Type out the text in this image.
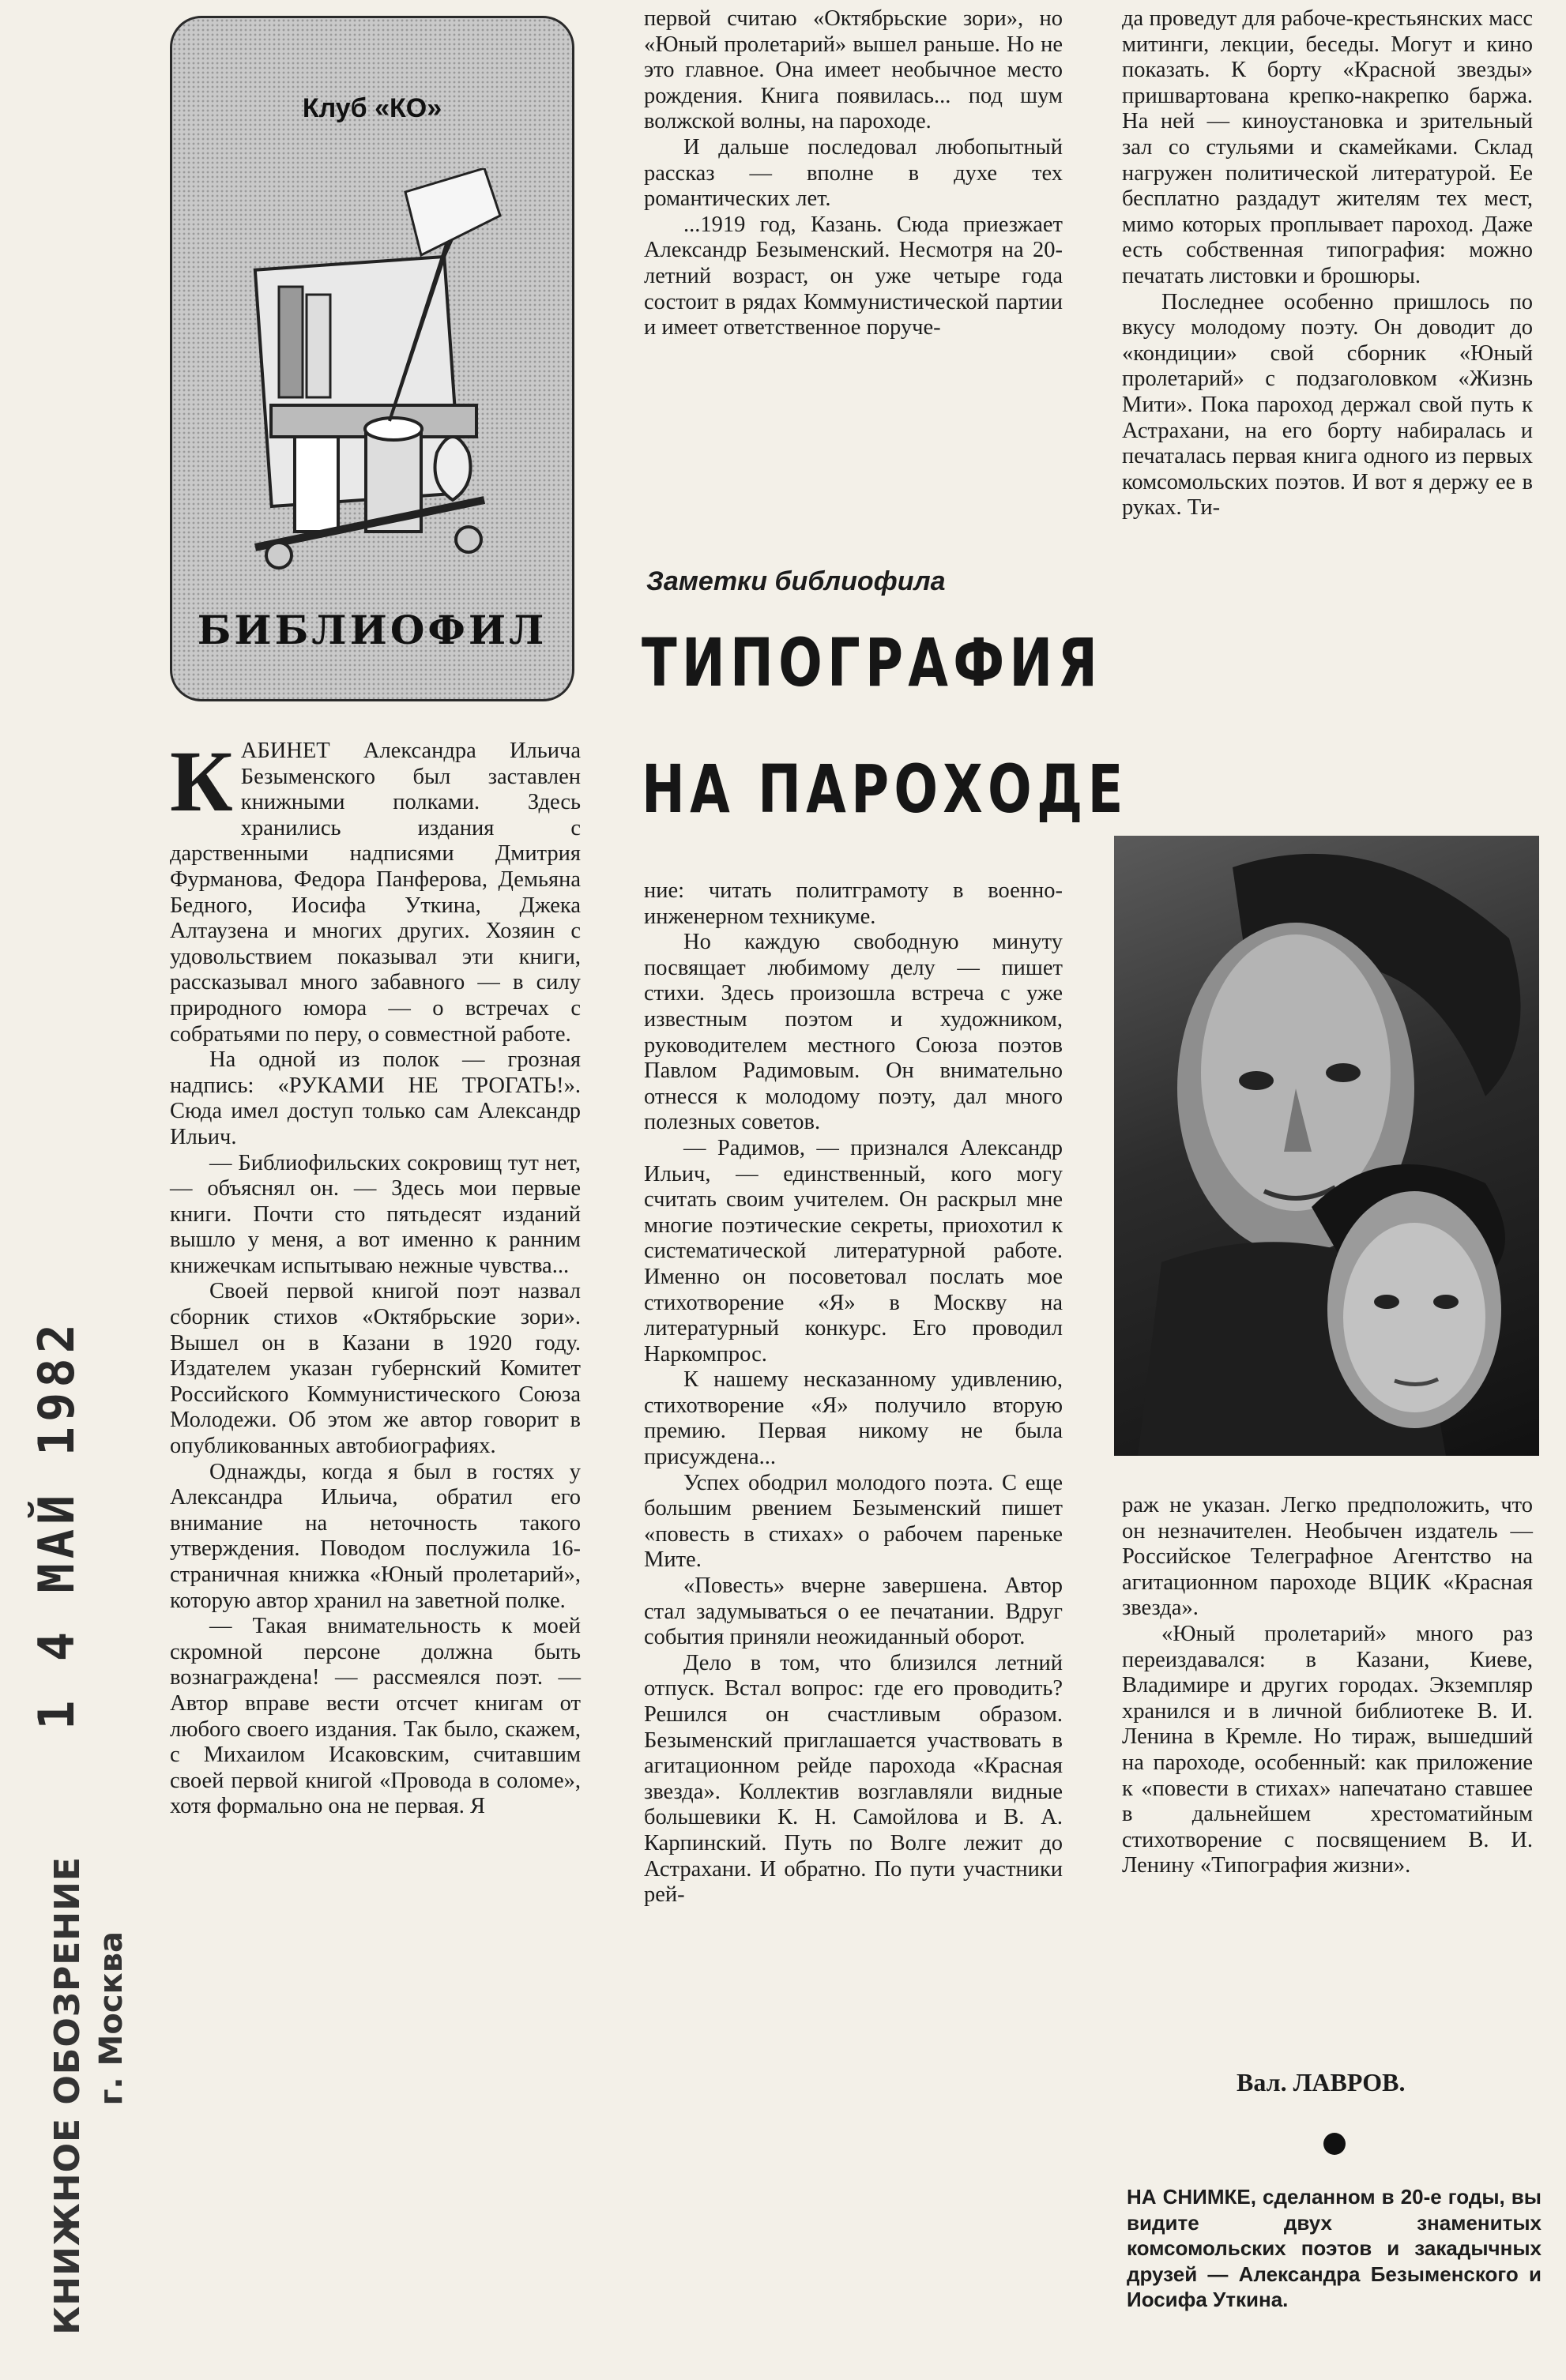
Клуб «КО»
БИБЛИОФИЛ

КАБИНЕТ Александра Ильича Безыменского был заставлен книжными полками. Здесь хранились издания с дарственными надписями Дмитрия Фурманова, Федора Панферова, Демьяна Бедного, Иосифа Уткина, Джека Алтаузена и многих других. Хозяин с удовольствием показывал эти книги, рассказывал много забавного — в силу природного юмора — о встречах с собратьями по перу, о совместной работе.

На одной из полок — грозная надпись: «РУКАМИ НЕ ТРОГАТЬ!». Сюда имел доступ только сам Александр Ильич.

— Библиофильских сокровищ тут нет, — объяснял он. — Здесь мои первые книги. Почти сто пятьдесят изданий вышло у меня, а вот именно к ранним книжечкам испытываю нежные чувства...

Своей первой книгой поэт назвал сборник стихов «Октябрьские зори». Вышел он в Казани в 1920 году. Издателем указан губернский Комитет Российского Коммунистического Союза Молодежи. Об этом же автор говорит в опубликованных автобиографиях.

Однажды, когда я был в гостях у Александра Ильича, обратил его внимание на неточность такого утверждения. Поводом послужила 16-страничная книжка «Юный пролетарий», которую автор хранил на заветной полке.

— Такая внимательность к моей скромной персоне должна быть вознаграждена! — рассмеялся поэт. — Автор вправе вести отсчет книгам от любого своего издания. Так было, скажем, с Михаилом Исаковским, считавшим своей первой книгой «Провода в соломе», хотя формально она не первая. Я

первой считаю «Октябрьские зори», но «Юный пролетарий» вышел раньше. Но не это главное. Она имеет необычное место рождения. Книга появилась... под шум волжской волны, на пароходе.

И дальше последовал любопытный рассказ — вполне в духе тех романтических лет.

...1919 год, Казань. Сюда приезжает Александр Безыменский. Несмотря на 20-летний возраст, он уже четыре года состоит в рядах Коммунистической партии и имеет ответственное поруче-

Заметки библиофила
ТИПОГРАФИЯ
НА ПАРОХОДЕ

ние: читать политграмоту в военно-инженерном техникуме.

Но каждую свободную минуту посвящает любимому делу — пишет стихи. Здесь произошла встреча с уже известным поэтом и художником, руководителем местного Союза поэтов Павлом Радимовым. Он внимательно отнесся к молодому поэту, дал много полезных советов.

— Радимов, — признался Александр Ильич, — единственный, кого могу считать своим учителем. Он раскрыл мне многие поэтические секреты, приохотил к систематической литературной работе. Именно он посоветовал послать мое стихотворение «Я» в Москву на литературный конкурс. Его проводил Наркомпрос.

К нашему несказанному удивлению, стихотворение «Я» получило вторую премию. Первая никому не была присуждена...

Успех ободрил молодого поэта. С еще большим рвением Безыменский пишет «повесть в стихах» о рабочем пареньке Мите.

«Повесть» вчерне завершена. Автор стал задумываться о ее печатании. Вдруг события приняли неожиданный оборот.

Дело в том, что близился летний отпуск. Встал вопрос: где его проводить? Решился он счастливым образом. Безыменский приглашается участвовать в агитационном рейде парохода «Красная звезда». Коллектив возглавляли видные большевики К. Н. Самойлова и В. А. Карпинский. Путь по Волге лежит до Астрахани. И обратно. По пути участники рей-

да проведут для рабоче-крестьянских масс митинги, лекции, беседы. Могут и кино показать. К борту «Красной звезды» пришвартована крепко-накрепко баржа. На ней — киноустановка и зрительный зал со стульями и скамейками. Склад нагружен политической литературой. Ее бесплатно раздадут жителям тех мест, мимо которых проплывает пароход. Даже есть собственная типография: можно печатать листовки и брошюры.

Последнее особенно пришлось по вкусу молодому поэту. Он доводит до «кондиции» свой сборник «Юный пролетарий» с подзаголовком «Жизнь Мити». Пока пароход держал свой путь к Астрахани, на его борту набиралась и печаталась первая книга одного из первых комсомольских поэтов. И вот я держу ее в руках. Ти-

раж не указан. Легко предположить, что он незначителен. Необычен издатель — Российское Телеграфное Агентство на агитационном пароходе ВЦИК «Красная звезда».

«Юный пролетарий» много раз переиздавался: в Казани, Киеве, Владимире и других городах. Экземпляр хранился и в личной библиотеке В. И. Ленина в Кремле. Но тираж, вышедший на пароходе, особенный: как приложение к «повести в стихах» напечатано ставшее в дальнейшем хрестоматийным стихотворение с посвящением В. И. Ленину «Типография жизни».

Вал. ЛАВРОВ.
НА СНИМКЕ, сделанном в 20-е годы, вы видите двух знаменитых комсомольских поэтов и закадычных друзей — Александра Безыменского и Иосифа Уткина.
1 4 МАЙ 1982
КНИЖНОЕ ОБОЗРЕНИЕ г. Москва
